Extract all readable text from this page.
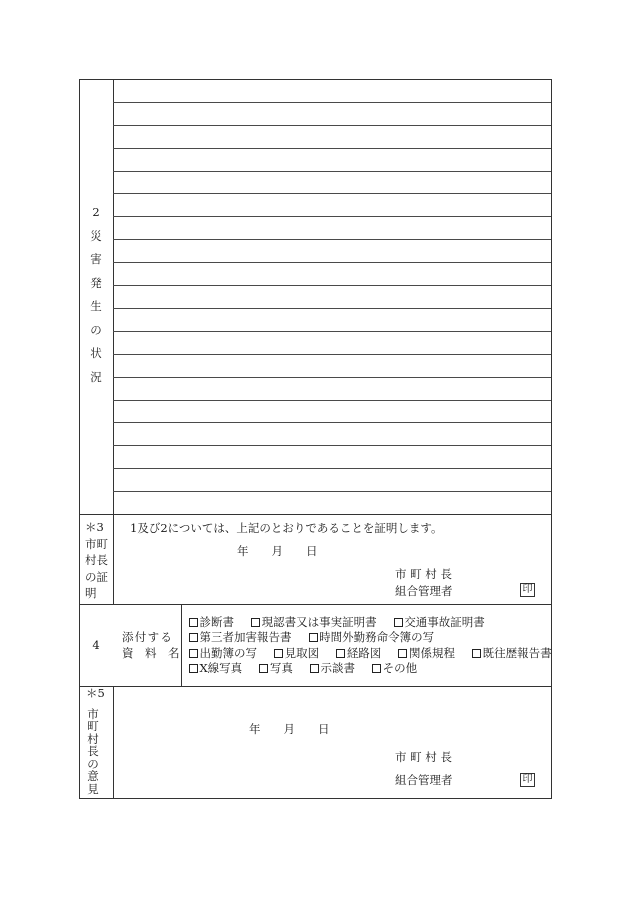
2
災
害
発
生
の
状
況
＊3
市町
村長
の証
明
1及び2については、上記のとおりであることを証明します。
年　　月　　日
市 町 村 長
組合管理者	印
4
添付する
資　料　名
診断書 現認書又は事実証明書 交通事故証明書
第三者加害報告書 時間外勤務命令簿の写
出勤簿の写 見取図 経路図 関係規程 既往歴報告書
X線写真 写真 示談書 その他
＊5
市
町
村
長
の
意
見
年　　月　　日
市 町 村 長
組合管理者	印
